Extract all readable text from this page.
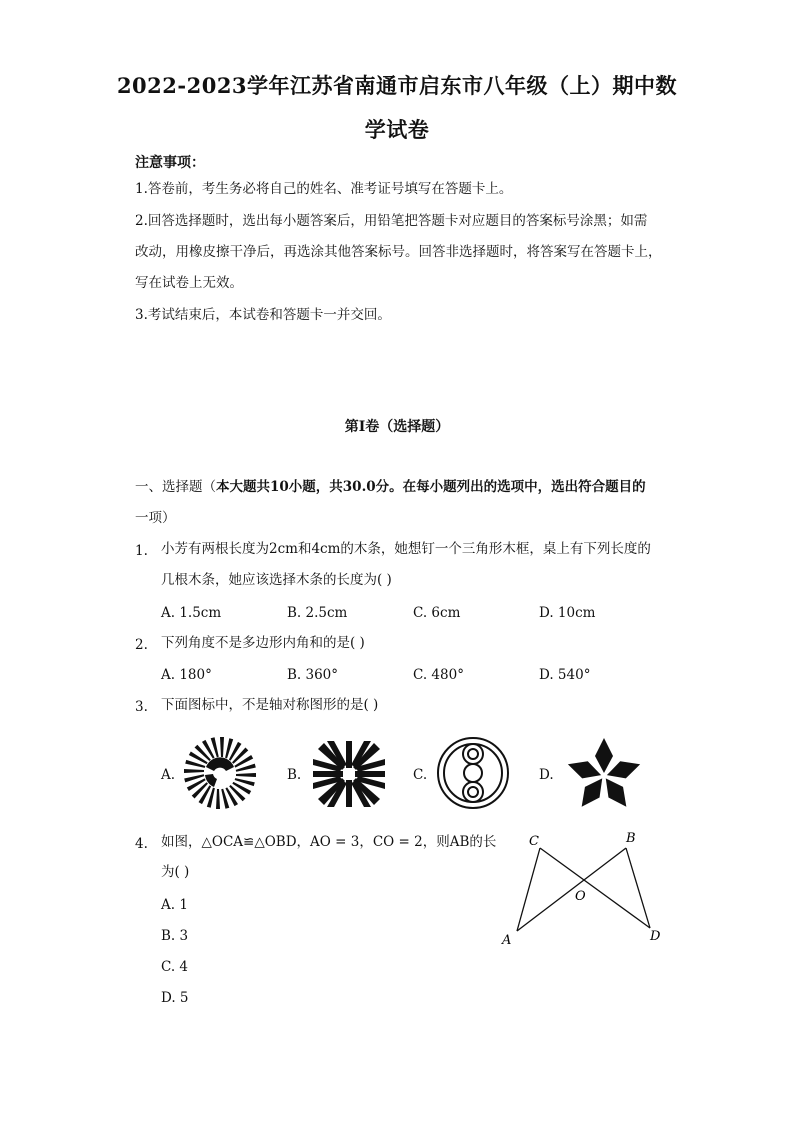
2022-2023学年江苏省南通市启东市八年级（上）期中数
学试卷
注意事项：
1.答卷前，考生务必将自己的姓名、准考证号填写在答题卡上。
2.回答选择题时，选出每小题答案后，用铅笔把答题卡对应题目的答案标号涂黑；如需
改动，用橡皮擦干净后，再选涂其他答案标号。回答非选择题时，将答案写在答题卡上，
写在试卷上无效。
3.考试结束后，本试卷和答题卡一并交回。
第I卷（选择题）
一、选择题（本大题共10小题，共30.0分。在每小题列出的选项中，选出符合题目的
一项）
1. 小芳有两根长度为2cm和4cm的木条，她想钉一个三角形木框，桌上有下列长度的
几根木条，她应该选择木条的长度为( )
A. 1.5cm	B. 2.5cm	C. 6cm	D. 10cm
2. 下列角度不是多边形内角和的是( )
A. 180°	B. 360°	C. 480°	D. 540°
3. 下面图标中，不是轴对称图形的是( )
A.	B.	C.	D.
4. 如图，△OCA≌△OBD，AO = 3，CO = 2，则AB的长
为( )
A. 1
B. 3
C. 4
D. 5
C	B
O
A	D
